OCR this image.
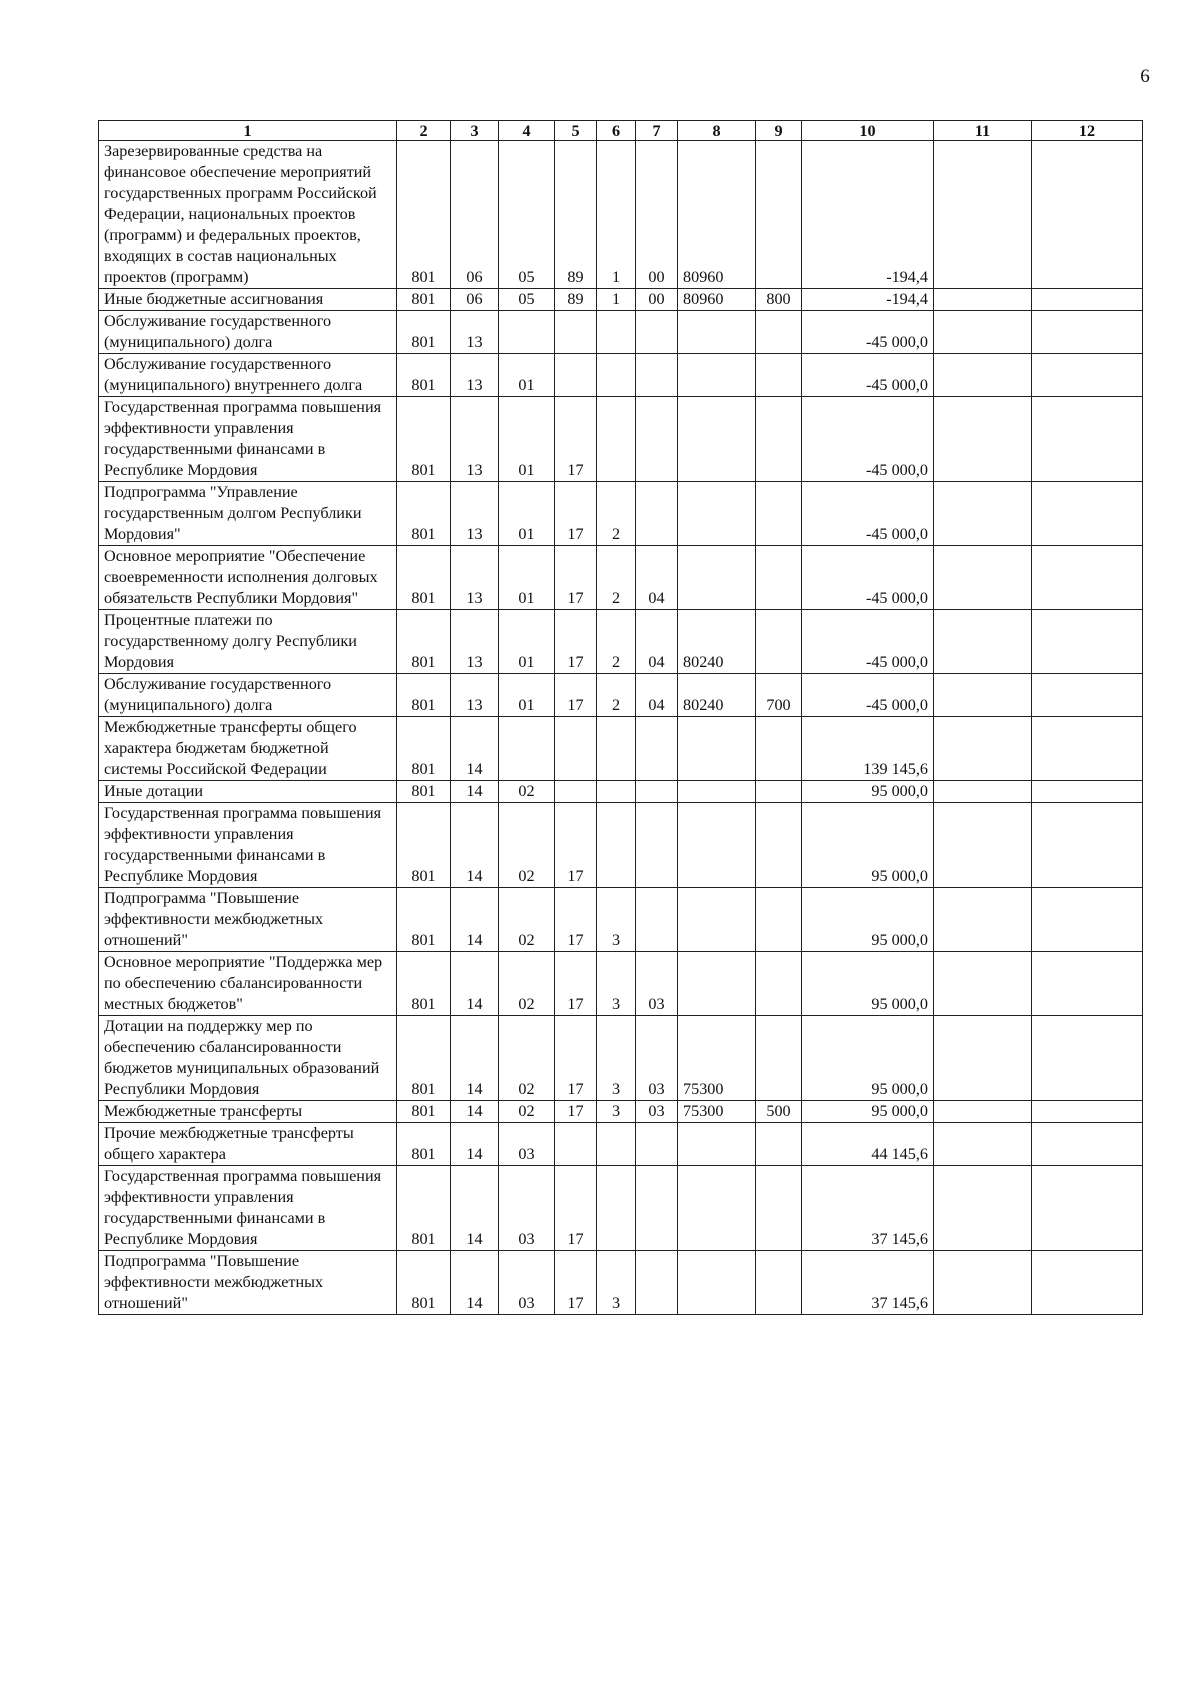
6
1	2	3	4	5	6	7	8	9	10	11	12
Зарезервированные средства на финансовое обеспечение мероприятий государственных программ Российской Федерации, национальных проектов (программ) и федеральных проектов, входящих в состав национальных проектов (программ)	801	06	05	89	1	00	80960		-194,4		
Иные бюджетные ассигнования	801	06	05	89	1	00	80960	800	-194,4		
Обслуживание государственного (муниципального) долга	801	13							-45 000,0		
Обслуживание государственного (муниципального) внутреннего долга	801	13	01						-45 000,0		
Государственная программа повышения эффективности управления государственными финансами в Республике Мордовия	801	13	01	17					-45 000,0		
Подпрограмма "Управление государственным долгом Республики Мордовия"	801	13	01	17	2				-45 000,0		
Основное мероприятие "Обеспечение своевременности исполнения долговых обязательств Республики Мордовия"	801	13	01	17	2	04			-45 000,0		
Процентные платежи по государственному долгу Республики Мордовия	801	13	01	17	2	04	80240		-45 000,0		
Обслуживание государственного (муниципального) долга	801	13	01	17	2	04	80240	700	-45 000,0		
Межбюджетные трансферты общего характера бюджетам бюджетной системы Российской Федерации	801	14							139 145,6		
Иные дотации	801	14	02						95 000,0		
Государственная программа повышения эффективности управления государственными финансами в Республике Мордовия	801	14	02	17					95 000,0		
Подпрограмма "Повышение эффективности межбюджетных отношений"	801	14	02	17	3				95 000,0		
Основное мероприятие "Поддержка мер по обеспечению сбалансированности местных бюджетов"	801	14	02	17	3	03			95 000,0		
Дотации на поддержку мер по обеспечению сбалансированности бюджетов муниципальных образований Республики Мордовия	801	14	02	17	3	03	75300		95 000,0		
Межбюджетные трансферты	801	14	02	17	3	03	75300	500	95 000,0		
Прочие межбюджетные трансферты общего характера	801	14	03						44 145,6		
Государственная программа повышения эффективности управления государственными финансами в Республике Мордовия	801	14	03	17					37 145,6		
Подпрограмма "Повышение эффективности межбюджетных отношений"	801	14	03	17	3				37 145,6		
